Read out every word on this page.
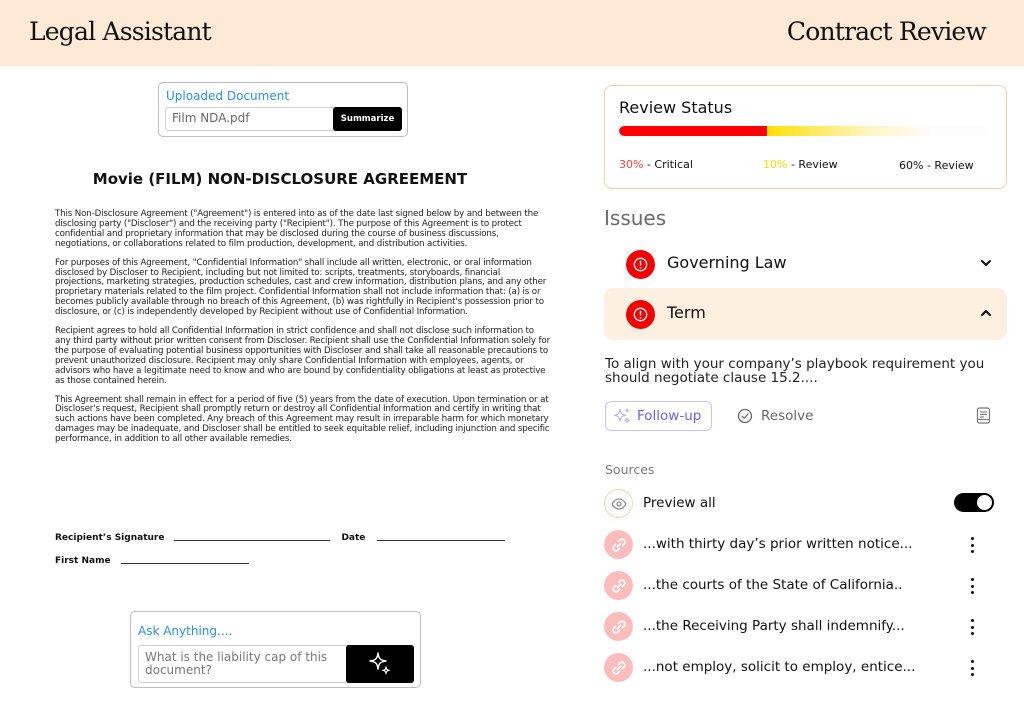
Legal Assistant	Contract Review
Uploaded Document
Film NDA.pdf	Summarize
Movie (FILM) NON-DISCLOSURE AGREEMENT

This Non-Disclosure Agreement ("Agreement") is entered into as of the date last signed below by and between the disclosing party ("Discloser") and the receiving party ("Recipient"). The purpose of this Agreement is to protect confidential and proprietary information that may be disclosed during the course of business discussions, negotiations, or collaborations related to film production, development, and distribution activities.

For purposes of this Agreement, "Confidential Information" shall include all written, electronic, or oral information disclosed by Discloser to Recipient, including but not limited to: scripts, treatments, storyboards, financial projections, marketing strategies, production schedules, cast and crew information, distribution plans, and any other proprietary materials related to the film project. Confidential Information shall not include information that: (a) is or becomes publicly available through no breach of this Agreement, (b) was rightfully in Recipient's possession prior to disclosure, or (c) is independently developed by Recipient without use of Confidential Information.

Recipient agrees to hold all Confidential Information in strict confidence and shall not disclose such information to any third party without prior written consent from Discloser. Recipient shall use the Confidential Information solely for the purpose of evaluating potential business opportunities with Discloser and shall take all reasonable precautions to prevent unauthorized disclosure. Recipient may only share Confidential Information with employees, agents, or advisors who have a legitimate need to know and who are bound by confidentiality obligations at least as protective as those contained herein.

This Agreement shall remain in effect for a period of five (5) years from the date of execution. Upon termination or at Discloser's request, Recipient shall promptly return or destroy all Confidential Information and certify in writing that such actions have been completed. Any breach of this Agreement may result in irreparable harm for which monetary damages may be inadequate, and Discloser shall be entitled to seek equitable relief, including injunction and specific performance, in addition to all other available remedies.

Recipient’s Signature	Date
First Name
Ask Anything....
What is the liability cap of this document?
Review Status
30% - Critical	10% - Review	60% - Review
Issues
Governing Law
Term
To align with your company’s playbook requirement you should negotiate clause 15.2....
Follow-up	Resolve
Sources
Preview all
...with thirty day’s prior written notice...
...the courts of the State of California..
...the Receiving Party shall indemnify...
...not employ, solicit to employ, entice...
